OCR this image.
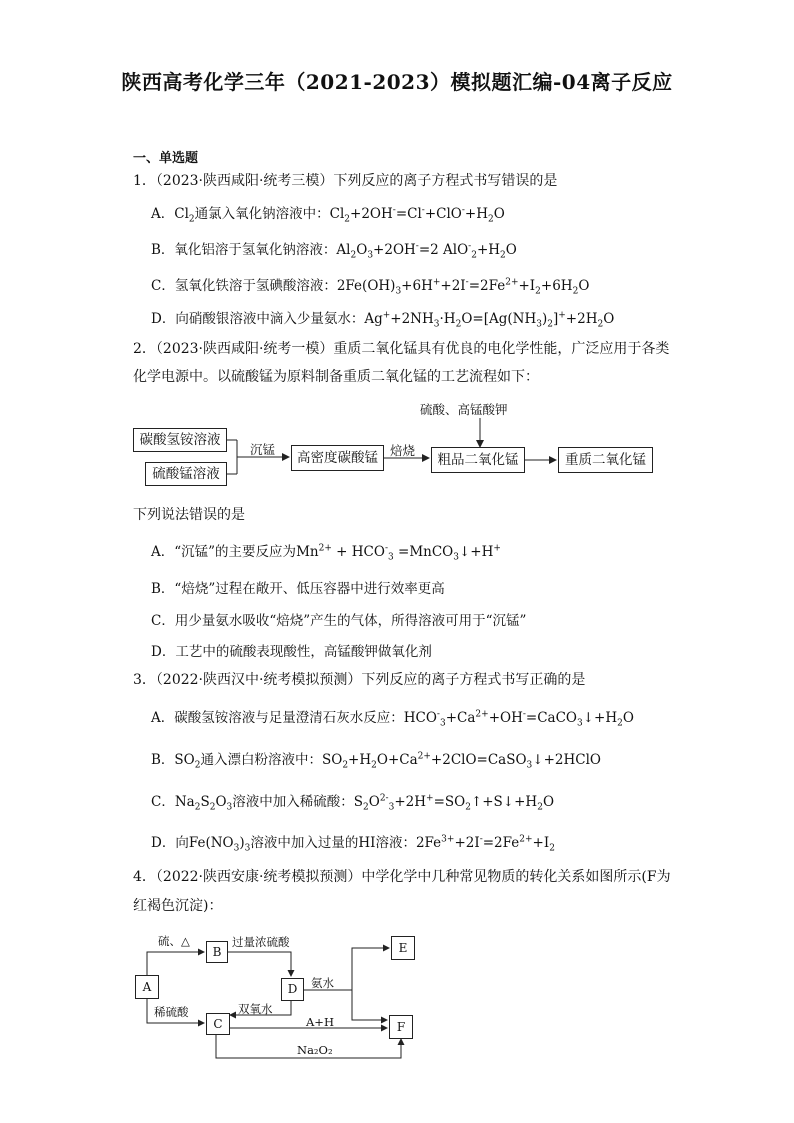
陕西高考化学三年（2021-2023）模拟题汇编-04离子反应
一、单选题
1．（2023·陕西咸阳·统考三模）下列反应的离子方程式书写错误的是
A．$Cl_2$通氯入氧化钠溶液中：$Cl_2+2OH^-=Cl^-+ClO^-+H_2O$
B．氧化铝溶于氢氧化钠溶液：$Al_2O_3+2OH^-=2$ $AlO^-_2+H_2O$
C．氢氧化铁溶于氢碘酸溶液：$2Fe(OH)_3+6H^++2I^-=2Fe^{2+}+I_2+6H_2O$
D．向硝酸银溶液中滴入少量氨水：$Ag^++2NH_3\cdot H_2O=[Ag(NH_3)_2]^++2H_2O$
2．（2023·陕西咸阳·统考一模）重质二氧化锰具有优良的电化学性能，广泛应用于各类
化学电源中。以硫酸锰为原料制备重质二氧化锰的工艺流程如下：
碳酸氢铵溶液
硫酸锰溶液
沉锰
高密度碳酸锰 焙烧
硫酸、高锰酸钾
粗品二氧化锰	重质二氧化锰
下列说法错误的是
A．“沉锰”的主要反应为$Mn^{2+} + HCO^-_3$ =MnCO$_3$↓+H+
B．“焙烧”过程在敞开、低压容器中进行效率更高
C．用少量氨水吸收“焙烧”产生的气体，所得溶液可用于“沉锰”
D．工艺中的硫酸表现酸性，高锰酸钾做氧化剂
3．（2022·陕西汉中·统考模拟预测）下列反应的离子方程式书写正确的是
A．碳酸氢铵溶液与足量澄清石灰水反应：$HCO^-_3+Ca^{2+}+OH^-=CaCO_3↓+H_2O$
B．$SO_2$通入漂白粉溶液中：$SO_2+H_2O+Ca^{2+}+2ClO=CaSO_3↓+2HClO$
C．$Na_2S_2O_3$溶液中加入稀硫酸：$S_2O^{2-}_3+2H^+=SO_2↑+S↓+H_2O$
D．向$Fe(NO_3)_3$溶液中加入过量的HI溶液：$2Fe^{3+}+2I^-=2Fe^{2+}+I_2$
4．（2022·陕西安康·统考模拟预测）中学化学中几种常见物质的转化关系如图所示(F为
红褐色沉淀)：
A
B
C
D
E
F
硫、△	过量浓硫酸
稀硫酸	双氧水
氨水
A+H
Na₂O₂
